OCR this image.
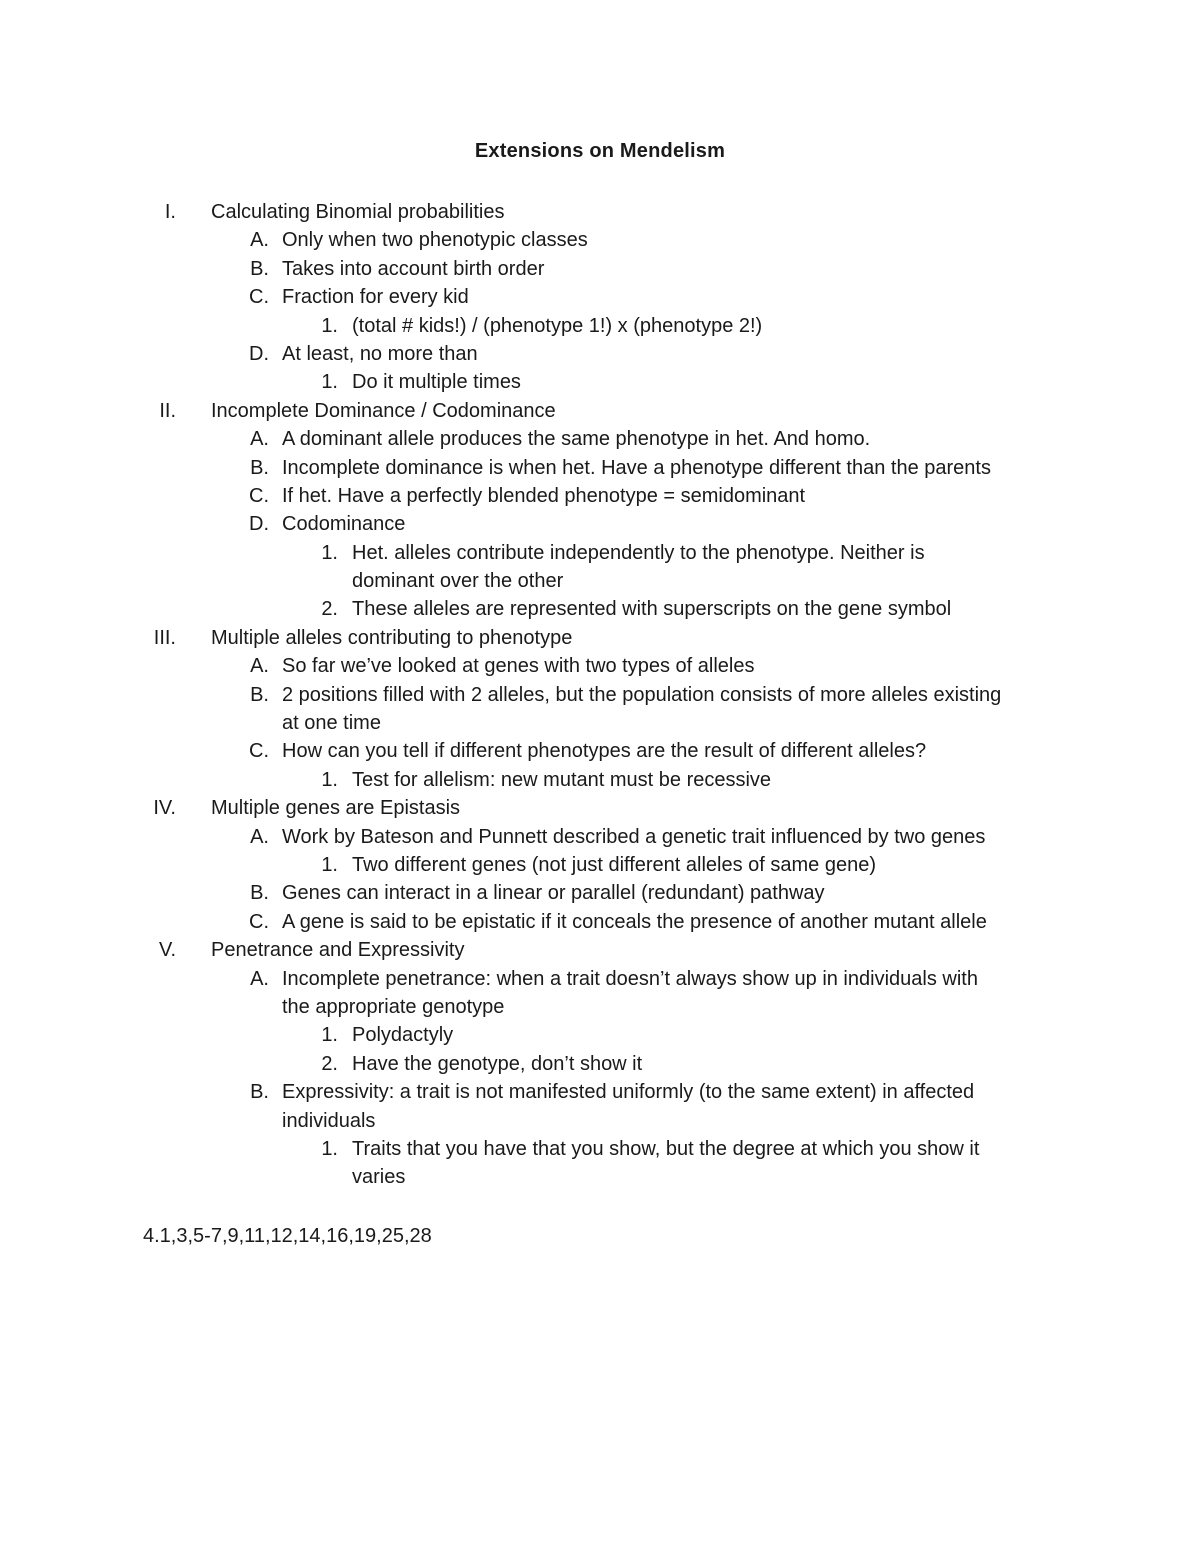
Extensions on Mendelism
I. Calculating Binomial probabilities
A. Only when two phenotypic classes
B. Takes into account birth order
C. Fraction for every kid
1. (total # kids!) / (phenotype 1!) x (phenotype 2!)
D. At least, no more than
1. Do it multiple times
II. Incomplete Dominance / Codominance
A. A dominant allele produces the same phenotype in het. And homo.
B. Incomplete dominance is when het. Have a phenotype different than the parents
C. If het. Have a perfectly blended phenotype = semidominant
D. Codominance
1. Het. alleles contribute independently to the phenotype. Neither is
dominant over the other
2. These alleles are represented with superscripts on the gene symbol
III. Multiple alleles contributing to phenotype
A. So far we’ve looked at genes with two types of alleles
B. 2 positions filled with 2 alleles, but the population consists of more alleles existing
at one time
C. How can you tell if different phenotypes are the result of different alleles?
1. Test for allelism: new mutant must be recessive
IV. Multiple genes are Epistasis
A. Work by Bateson and Punnett described a genetic trait influenced by two genes
1. Two different genes (not just different alleles of same gene)
B. Genes can interact in a linear or parallel (redundant) pathway
C. A gene is said to be epistatic if it conceals the presence of another mutant allele
V. Penetrance and Expressivity
A. Incomplete penetrance: when a trait doesn’t always show up in individuals with
the appropriate genotype
1. Polydactyly
2. Have the genotype, don’t show it
B. Expressivity: a trait is not manifested uniformly (to the same extent) in affected
individuals
1. Traits that you have that you show, but the degree at which you show it
varies
4.1,3,5-7,9,11,12,14,16,19,25,28
